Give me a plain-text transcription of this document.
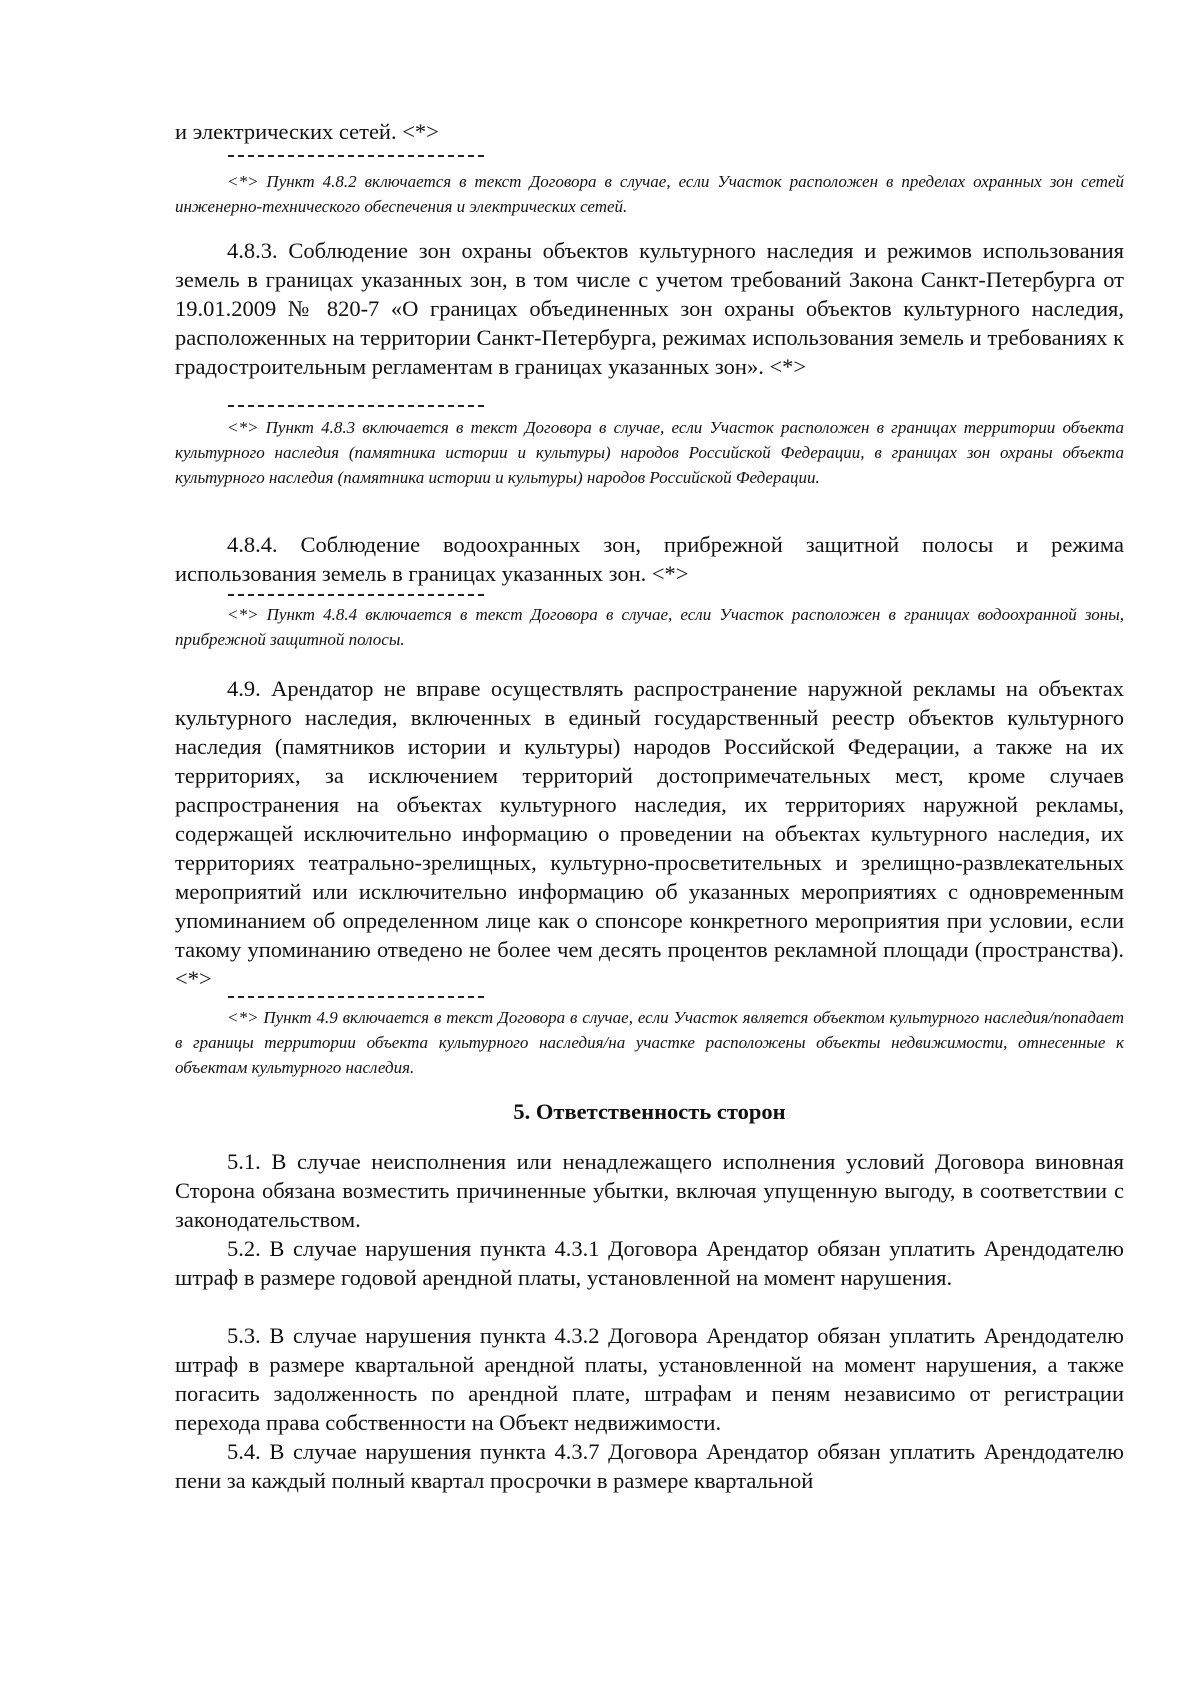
и электрических сетей. <*>

<*> Пункт 4.8.2 включается в текст Договора в случае, если Участок расположен в пределах охранных зон сетей инженерно-технического обеспечения и электрических сетей.

4.8.3. Соблюдение зон охраны объектов культурного наследия и режимов использования земель в границах указанных зон, в том числе с учетом требований Закона Санкт-Петербурга от 19.01.2009 № 820-7 «О границах объединенных зон охраны объектов культурного наследия, расположенных на территории Санкт-Петербурга, режимах использования земель и требованиях к градостроительным регламентам в границах указанных зон». <*>

<*> Пункт 4.8.3 включается в текст Договора в случае, если Участок расположен в границах территории объекта культурного наследия (памятника истории и культуры) народов Российской Федерации, в границах зон охраны объекта культурного наследия (памятника истории и культуры) народов Российской Федерации.

4.8.4. Соблюдение водоохранных зон, прибрежной защитной полосы и режима использования земель в границах указанных зон. <*>

<*> Пункт 4.8.4 включается в текст Договора в случае, если Участок расположен в границах водоохранной зоны, прибрежной защитной полосы.

4.9. Арендатор не вправе осуществлять распространение наружной рекламы на объектах культурного наследия, включенных в единый государственный реестр объектов культурного наследия (памятников истории и культуры) народов Российской Федерации, а также на их территориях, за исключением территорий достопримечательных мест, кроме случаев распространения на объектах культурного наследия, их территориях наружной рекламы, содержащей исключительно информацию о проведении на объектах культурного наследия, их территориях театрально-зрелищных, культурно-просветительных и зрелищно-развлекательных мероприятий или исключительно информацию об указанных мероприятиях с одновременным упоминанием об определенном лице как о спонсоре конкретного мероприятия при условии, если такому упоминанию отведено не более чем десять процентов рекламной площади (пространства). <*>

<*> Пункт 4.9 включается в текст Договора в случае, если Участок является объектом культурного наследия/попадает в границы территории объекта культурного наследия/на участке расположены объекты недвижимости, отнесенные к объектам культурного наследия.

5. Ответственность сторон

5.1. В случае неисполнения или ненадлежащего исполнения условий Договора виновная Сторона обязана возместить причиненные убытки, включая упущенную выгоду, в соответствии с законодательством.

5.2. В случае нарушения пункта 4.3.1 Договора Арендатор обязан уплатить Арендодателю штраф в размере годовой арендной платы, установленной на момент нарушения.

5.3. В случае нарушения пункта 4.3.2 Договора Арендатор обязан уплатить Арендодателю штраф в размере квартальной арендной платы, установленной на момент нарушения, а также погасить задолженность по арендной плате, штрафам и пеням независимо от регистрации перехода права собственности на Объект недвижимости.

5.4. В случае нарушения пункта 4.3.7 Договора Арендатор обязан уплатить Арендодателю пени за каждый полный квартал просрочки в размере квартальной
